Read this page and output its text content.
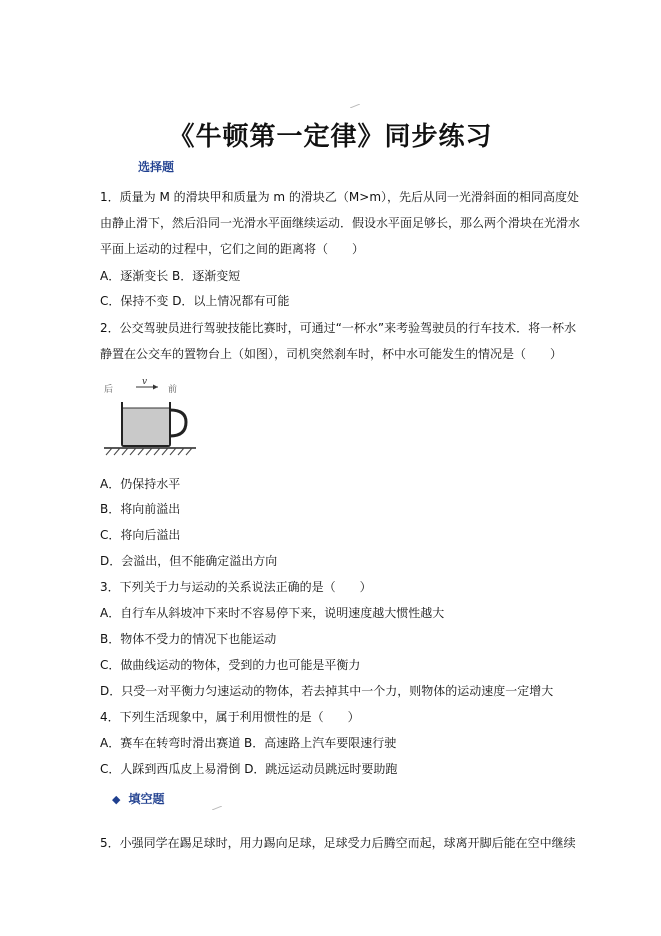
《牛顿第一定律》同步练习
选择题
1．质量为 M 的滑块甲和质量为 m 的滑块乙（M>m），先后从同一光滑斜面的相同高度处
由静止滑下，然后沿同一光滑水平面继续运动．假设水平面足够长，那么两个滑块在光滑水
平面上运动的过程中，它们之间的距离将（　　）
A．逐渐变长 B．逐渐变短
C．保持不变 D．以上情况都有可能
2．公交驾驶员进行驾驶技能比赛时，可通过“一杯水”来考验驾驶员的行车技术．将一杯水
静置在公交车的置物台上（如图），司机突然刹车时，杯中水可能发生的情况是（　　）
后	前
v
A．仍保持水平
B．将向前溢出
C．将向后溢出
D．会溢出，但不能确定溢出方向
3．下列关于力与运动的关系说法正确的是（　　）
A．自行车从斜坡冲下来时不容易停下来，说明速度越大惯性越大
B．物体不受力的情况下也能运动
C．做曲线运动的物体，受到的力也可能是平衡力
D．只受一对平衡力匀速运动的物体，若去掉其中一个力，则物体的运动速度一定增大
4．下列生活现象中，属于利用惯性的是（　　）
A．赛车在转弯时滑出赛道 B．高速路上汽车要限速行驶
C．人踩到西瓜皮上易滑倒 D．跳远运动员跳远时要助跑
◆ 填空题
5．小强同学在踢足球时，用力踢向足球，足球受力后腾空而起，球离开脚后能在空中继续
